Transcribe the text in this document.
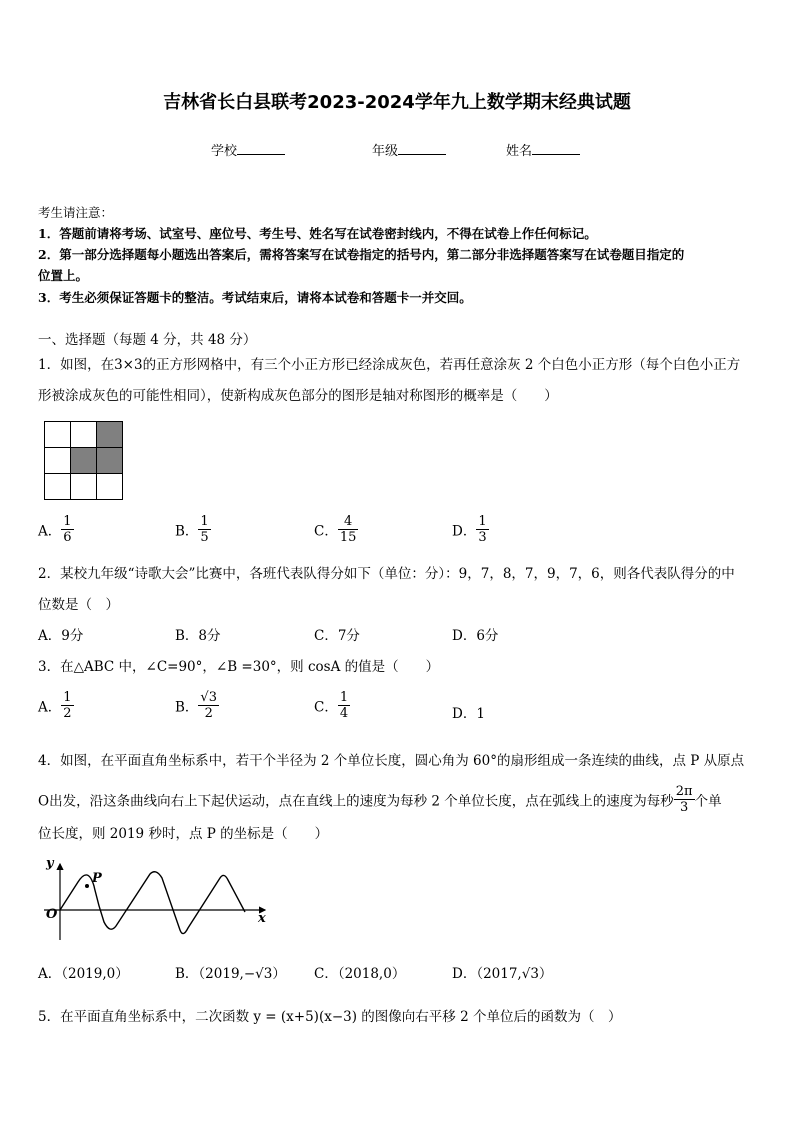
吉林省长白县联考2023-2024学年九上数学期末经典试题
学校	年级	姓名
考生请注意：
1．答题前请将考场、试室号、座位号、考生号、姓名写在试卷密封线内，不得在试卷上作任何标记。
2．第一部分选择题每小题选出答案后，需将答案写在试卷指定的括号内，第二部分非选择题答案写在试卷题目指定的
位置上。
3．考生必须保证答题卡的整洁。考试结束后，请将本试卷和答题卡一并交回。
一、选择题（每题 4 分，共 48 分）
1．如图，在3×3的正方形网格中，有三个小正方形已经涂成灰色，若再任意涂灰 2 个白色小正方形（每个白色小正方
形被涂成灰色的可能性相同），使新构成灰色部分的图形是轴对称图形的概率是（　　）

A． $\frac{1}{6}$	B． $\frac{1}{5}$	C． $\frac{4}{15}$	D． $\frac{1}{3}$
2．某校九年级“诗歌大会”比赛中，各班代表队得分如下（单位：分）：9，7，8，7，9，7，6，则各代表队得分的中
位数是（　）
A．9分	B．8分	C．7分	D．6分
3．在△ABC 中，∠C=90°，∠B =30°，则 cosA 的值是（　　）
A． $\frac{1}{2}$	B． $\frac{√3}{2}$	C． $\frac{1}{4}$	D．1
4．如图，在平面直角坐标系中，若干个半径为 2 个单位长度，圆心角为 60°的扇形组成一条连续的曲线，点 P 从原点
O出发，沿这条曲线向右上下起伏运动，点在直线上的速度为每秒 2 个单位长度，点在弧线上的速度为每秒 $\frac{2\pi}{3}$ 个单
位长度，则 2019 秒时，点 P 的坐标是（　　）
y
x
O
P
A．（2019,0）	B．（2019,−√3） C．（2018,0）	D．（2017,√3）
5．在平面直角坐标系中，二次函数 y = (x+5)(x−3) 的图像向右平移 2 个单位后的函数为（　）
